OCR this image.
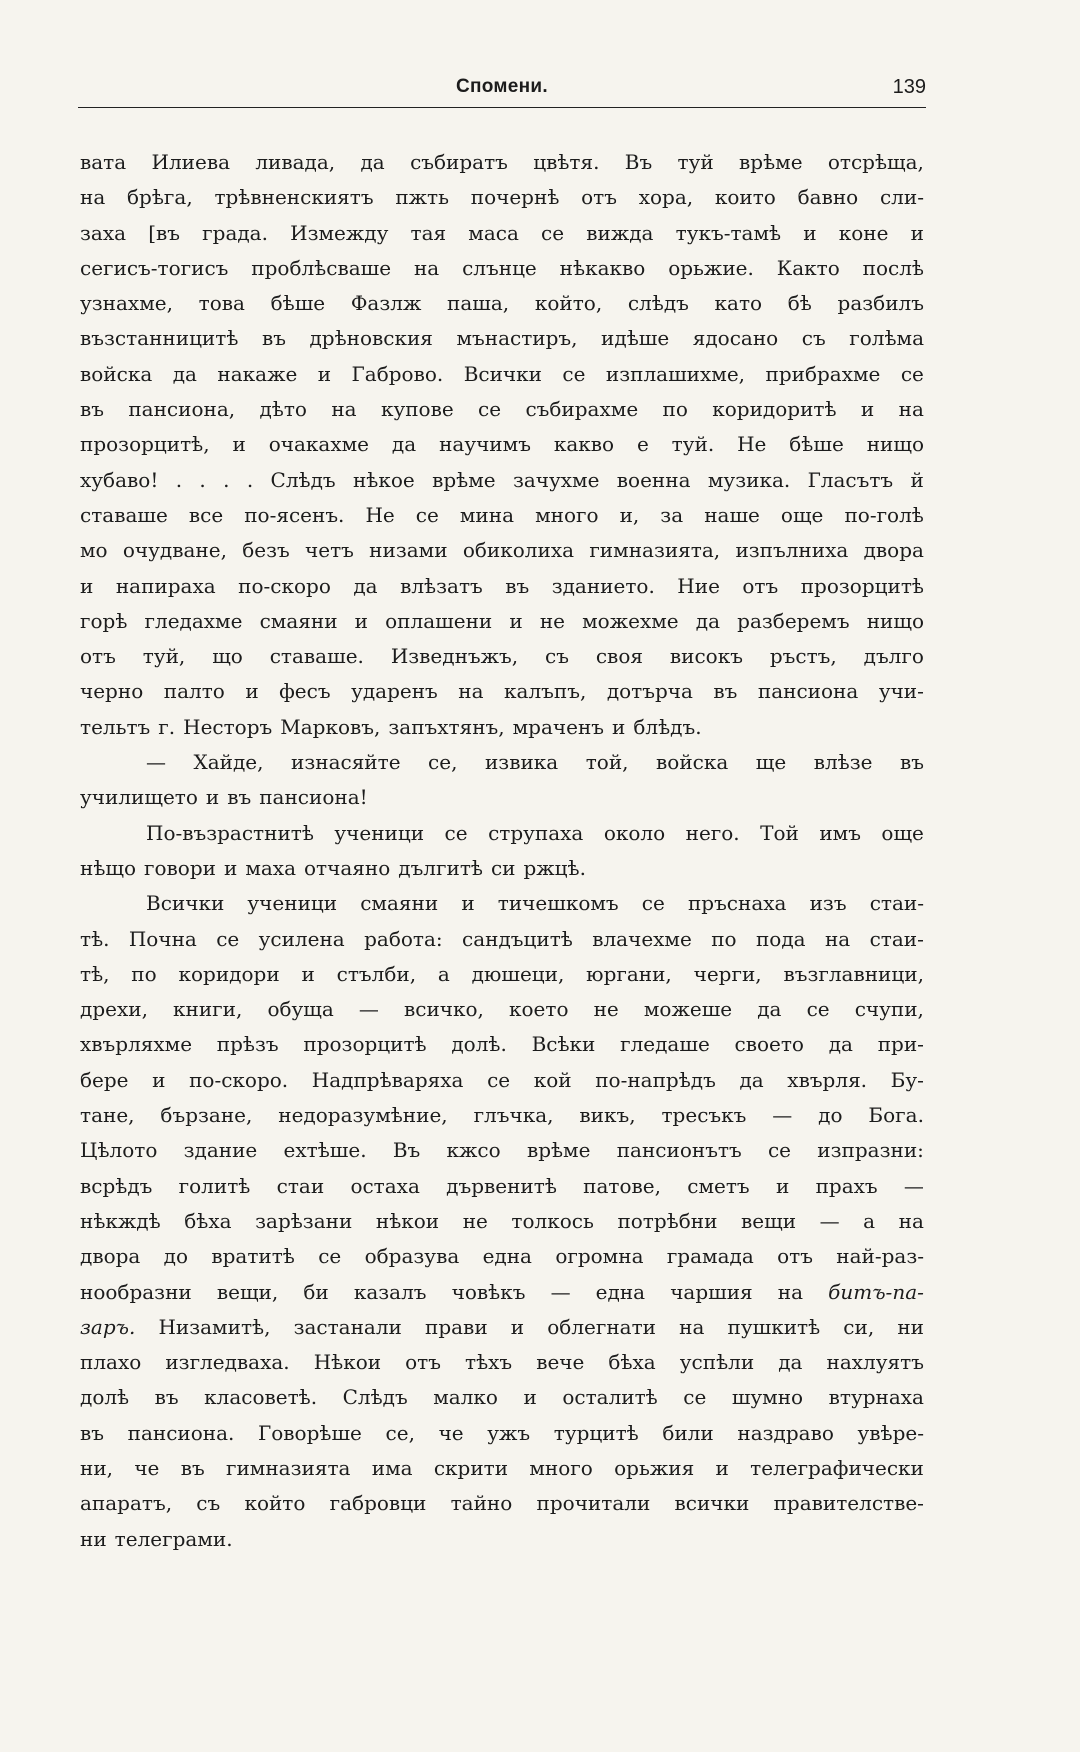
Спомени.	139
вата Илиева ливада, да събиратъ цвѣтя. Въ туй врѣме отсрѣща,
на брѣга, трѣвненскиятъ пжть почернѣ отъ хора, които бавно сли-
заха [въ града. Измежду тая маса се вижда тукъ-тамѣ и коне и
сегисъ-тогисъ проблѣсваше на слънце нѣкакво орьжие. Както послѣ
узнахме, това бѣше Фазлж паша, който, слѣдъ като бѣ разбилъ
възстанницитѣ въ дрѣновския мънастиръ, идѣше ядосано съ голѣма
войска да накаже и Габрово. Всички се изплашихме, прибрахме се
въ пансиона, дѣто на купове се събирахме по коридоритѣ и на
прозорцитѣ, и очакахме да научимъ какво е туй. Не бѣше нищо
хубаво! . . . . Слѣдъ нѣкое врѣме зачухме военна музика. Гласътъ й
ставаше все по-ясенъ. Не се мина много и, за наше още по-голѣ
мо очудване, безъ четъ низами обиколиха гимназията, изпълниха двора
и напираха по-скоро да влѣзатъ въ зданието. Ние отъ прозорцитѣ
горѣ гледахме смаяни и оплашени и не можехме да разберемъ нищо
отъ туй, що ставаше. Изведнъжъ, съ своя високъ ръстъ, дълго
черно палто и фесъ ударенъ на калъпъ, дотърча въ пансиона учи-
тельтъ г. Несторъ Марковъ, запъхтянъ, мраченъ и блѣдъ.
— Хайде, изнасяйте се, извика той, войска ще влѣзе въ
училището и въ пансиона!
По-възрастнитѣ ученици се струпаха около него. Той имъ още
нѣщо говори и маха отчаяно дългитѣ си ржцѣ.
Всички ученици смаяни и тичешкомъ се пръснаха изъ стаи-
тѣ. Почна се усилена работа: сандъцитѣ влачехме по пода на стаи-
тѣ, по коридори и стълби, а дюшеци, юргани, черги, възглавници,
дрехи, книги, обуща — всичко, което не можеше да се счупи,
хвърляхме прѣзъ прозорцитѣ долѣ. Всѣки гледаше своето да при-
бере и по-скоро. Надпрѣваряха се кой по-напрѣдъ да хвърля. Бу-
тане, бързане, недоразумѣние, глъчка, викъ, тресъкъ — до Бога.
Цѣлото здание ехтѣше. Въ кжсо врѣме пансионътъ се изпразни:
всрѣдъ голитѣ стаи остаха дървенитѣ патове, сметъ и прахъ —
нѣкждѣ бѣха зарѣзани нѣкои не толкось потрѣбни вещи — а на
двора до вратитѣ се образува една огромна грамада отъ най-раз-
нообразни вещи, би казалъ човѣкъ — една чаршия на битъ-па-
заръ. Низамитѣ, застанали прави и облегнати на пушкитѣ си, ни
плахо изгледваха. Нѣкои отъ тѣхъ вече бѣха успѣли да нахлуятъ
долѣ въ класоветѣ. Слѣдъ малко и осталитѣ се шумно втурнаха
въ пансиона. Говорѣше се, че ужъ турцитѣ били наздраво увѣре-
ни, че въ гимназията има скрити много орьжия и телеграфически
апаратъ, съ който габровци тайно прочитали всички правителстве-
ни телеграми.
